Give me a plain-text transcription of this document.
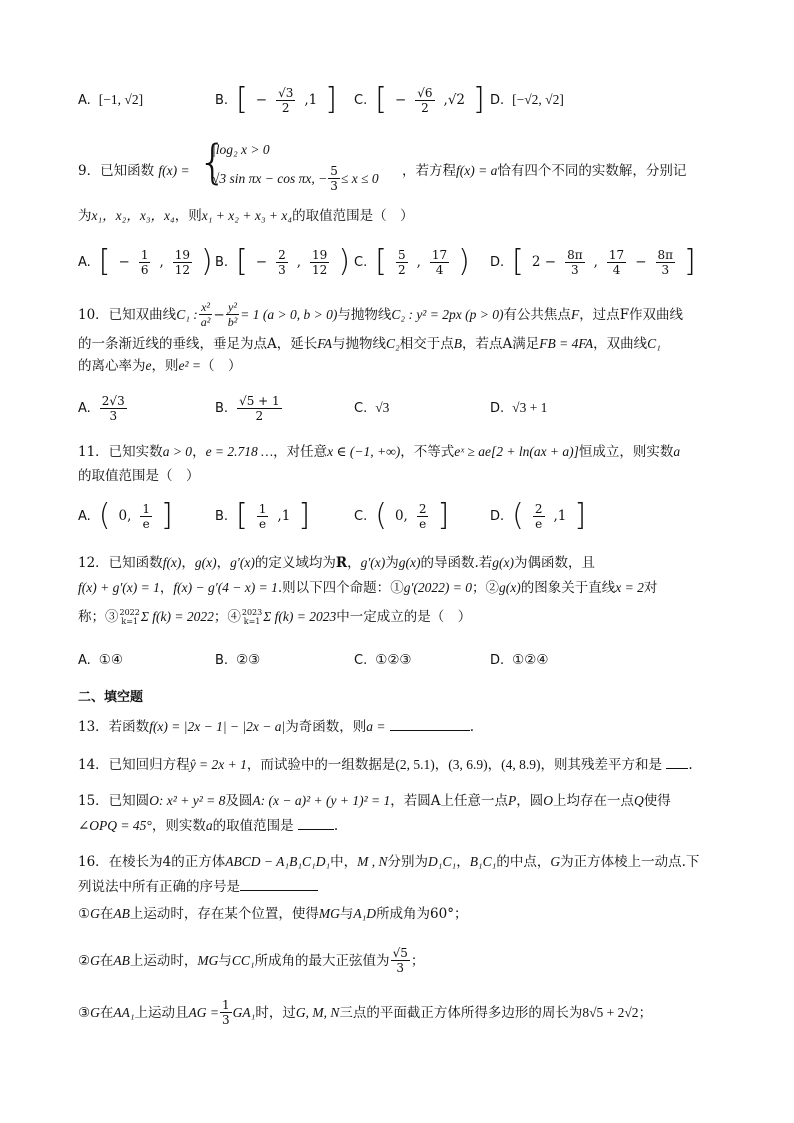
A. [−1, √2]	B. [ − $\frac{√3}{2} ,1$ ] C. [ − $\frac{√6}{2} ,√2$ ] D. [−√2, √2]
9．已知函数 f(x) = {
|log₂ x > 0
√3 sin πx − cos πx, − $\frac{5}{3} \le x \le 0$ ，若方程f(x) = a恰有四个不同的实数解，分别记
为x₁，x₂，x₃，x₄，则x₁ + x₂ + x₃ + x₄的取值范围是（　）
A. [ − $\frac{1}{6}$ , $\frac{19}{12}$ ) B. [ − $\frac{2}{3}$ , $\frac{19}{12}$ ) C. [ $\frac{5}{2}$ , $\frac{17}{4}$ ) D. [ $2 - \frac{8\pi}{3}$ , $\frac{17}{4} - \frac{8\pi}{3}$ ]
10．已知双曲线 C₁ : $\frac{\text{x²}}{\text{a²}} - \frac{\text{y²}}{\text{b²}} = 1$ (a > 0, b > 0) 与抛物线 C₂ : y² = 2px (p > 0) 有公共焦点 F ，过点 F作双曲线
的一条渐近线的垂线，垂足为点A，延长FA与抛物线C₂相交于点B，若点A满足FB = 4FA，双曲线C₁
的离心率为e，则e² =（　）
A. $\frac{2√3}{3}$	B. $\frac{√5 + 1}{2}$	C. √3	D. √3 + 1
11．已知实数a > 0，e = 2.718 …，对任意x ∈ (−1, +∞)，不等式eˣ ≥ ae[2 + ln(ax + a)]恒成立，则实数a
的取值范围是（　）
A. ( 0, $\frac{1}{e}$ ]	B. [ $\frac{1}{e} ,1$ ]	C. ( 0, $\frac{2}{e}$ ]	D. ( $\frac{2}{e} ,1$ ]
12．已知函数f(x)，g(x)，g′(x)的定义域均为R，g′(x)为g(x)的导函数.若g(x)为偶函数，且
f(x) + g′(x) = 1，f(x) − g′(4 − x) = 1.则以下四个命题：①g′(2022) = 0；②g(x)的图象关于直线x = 2对
称；③ 2022
k=1 Σ f(k) = 2022 ；④ 2023
k=1 Σ f(k) = 2023 中一定成立的是（　）
A. ①④	B. ②③	C. ①②③	D. ①②④
二、填空题
13．若函数f(x) = |2x − 1| − |2x − a|为奇函数，则a =	.
14．已知回归方程ŷ = 2x + 1，而试验中的一组数据是(2, 5.1)，(3, 6.9)，(4, 8.9)，则其残差平方和是 .
15．已知圆O: x² + y² = 8及圆A: (x − a)² + (y + 1)² = 1，若圆A上任意一点P，圆O上均存在一点Q使得
∠OPQ = 45°，则实数a的取值范围是	.
16．在棱长为4的正方体ABCD − A₁B₁C₁D₁中，M , N分别为D₁C₁，B₁C₁的中点，G为正方体棱上一动点.下
列说法中所有正确的序号是
①G在AB上运动时，存在某个位置，使得MG与A₁D所成角为60°；
② G 在 AB 上运动时， MG 与 CC₁ 所成角的最大正弦值为 $\frac{√5}{3}$ ；
③ G 在 AA₁ 上运动且 AG = $\frac{1}{3} GA_1$ 时，过 G, M, N 三点的平面截正方体所得多边形的周长为 8√5 + 2√2 ；
